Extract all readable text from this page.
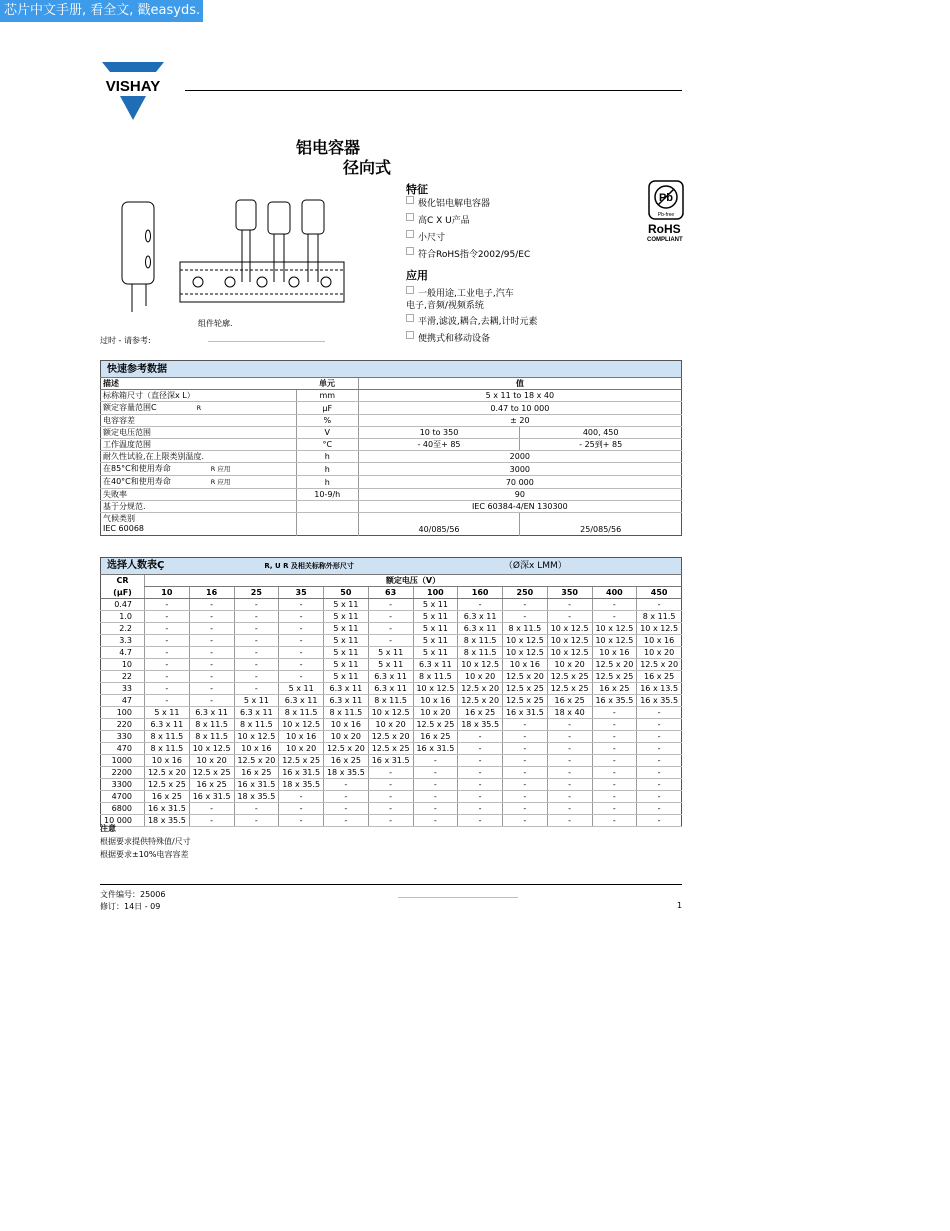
芯片中文手册, 看全文, 戳easyds. cn
VISHAY
铝电容器
径向式
组件轮廓.
过时 - 请参考:
特征
极化铝电解电容器
高C X U产品
小尺寸
符合RoHS指令2002/95/EC
应用
一般用途,工业电子,汽车
电子,音频/视频系统
平滑,滤波,耦合,去耦,计时元素
便携式和移动设备
Pb
Pb-free
RoHS
COMPLIANT
快速参考数据			
描述	单元	值	
标称箱尺寸（直径深x L）	mm	5 x 11 to 18 x 40	
额定容量范围C R	µF	0.47 to 10 000	
电容容差	%	± 20	
额定电压范围	V	10 to 350	400, 450
工作温度范围	°C	- 40至+ 85	- 25到+ 85
耐久性试验,在上限类别温度.	h	2000	
在85°C和使用寿命 R 应用	h	3000	
在40°C和使用寿命 R 应用	h	70 000	
失败率	10-9/h	90	
基于分规范.		IEC 60384-4/EN 130300	

气候类别
IEC 60068		40/085/56	25/085/56
选择人数表Ç R, U R 及相关标称外形尺寸 （Ø深x LMM）												
CR	额定电压（V）											
(µF)	10	16	25	35	50	63	100	160	250	350	400	450
0.47	-	-	-	-	5 x 11	-	5 x 11	-	-	-	-	-
1.0	-	-	-	-	5 x 11	-	5 x 11	6.3 x 11	-	-	-	8 x 11.5
2.2	-	-	-	-	5 x 11	-	5 x 11	6.3 x 11	8 x 11.5	10 x 12.5	10 x 12.5	10 x 12.5
3.3	-	-	-	-	5 x 11	-	5 x 11	8 x 11.5	10 x 12.5	10 x 12.5	10 x 12.5	10 x 16
4.7	-	-	-	-	5 x 11	5 x 11	5 x 11	8 x 11.5	10 x 12.5	10 x 12.5	10 x 16	10 x 20
10	-	-	-	-	5 x 11	5 x 11	6.3 x 11	10 x 12.5	10 x 16	10 x 20	12.5 x 20	12.5 x 20
22	-	-	-	-	5 x 11	6.3 x 11	8 x 11.5	10 x 20	12.5 x 20	12.5 x 25	12.5 x 25	16 x 25
33	-	-	-	5 x 11	6.3 x 11	6.3 x 11	10 x 12.5	12.5 x 20	12.5 x 25	12.5 x 25	16 x 25	16 x 13.5
47	-	-	5 x 11	6.3 x 11	6.3 x 11	8 x 11.5	10 x 16	12.5 x 20	12.5 x 25	16 x 25	16 x 35.5	16 x 35.5
100	5 x 11	6.3 x 11	6.3 x 11	8 x 11.5	8 x 11.5	10 x 12.5	10 x 20	16 x 25	16 x 31.5	18 x 40	-	-
220	6.3 x 11	8 x 11.5	8 x 11.5	10 x 12.5	10 x 16	10 x 20	12.5 x 25	18 x 35.5	-	-	-	-
330	8 x 11.5	8 x 11.5	10 x 12.5	10 x 16	10 x 20	12.5 x 20	16 x 25	-	-	-	-	-
470	8 x 11.5	10 x 12.5	10 x 16	10 x 20	12.5 x 20	12.5 x 25	16 x 31.5	-	-	-	-	-
1000	10 x 16	10 x 20	12.5 x 20	12.5 x 25	16 x 25	16 x 31.5	-	-	-	-	-	-
2200	12.5 x 20	12.5 x 25	16 x 25	16 x 31.5	18 x 35.5	-	-	-	-	-	-	-
3300	12.5 x 25	16 x 25	16 x 31.5	18 x 35.5	-	-	-	-	-	-	-	-
4700	16 x 25	16 x 31.5	18 x 35.5	-	-	-	-	-	-	-	-	-
6800	16 x 31.5	-	-	-	-	-	-	-	-	-	-	-
10 000	18 x 35.5	-	-	-	-	-	-	-	-	-	-	-
注意
根据要求提供特殊值/尺寸
根据要求±10%电容容差
文件编号：25006
修订：14日 - 09	1
